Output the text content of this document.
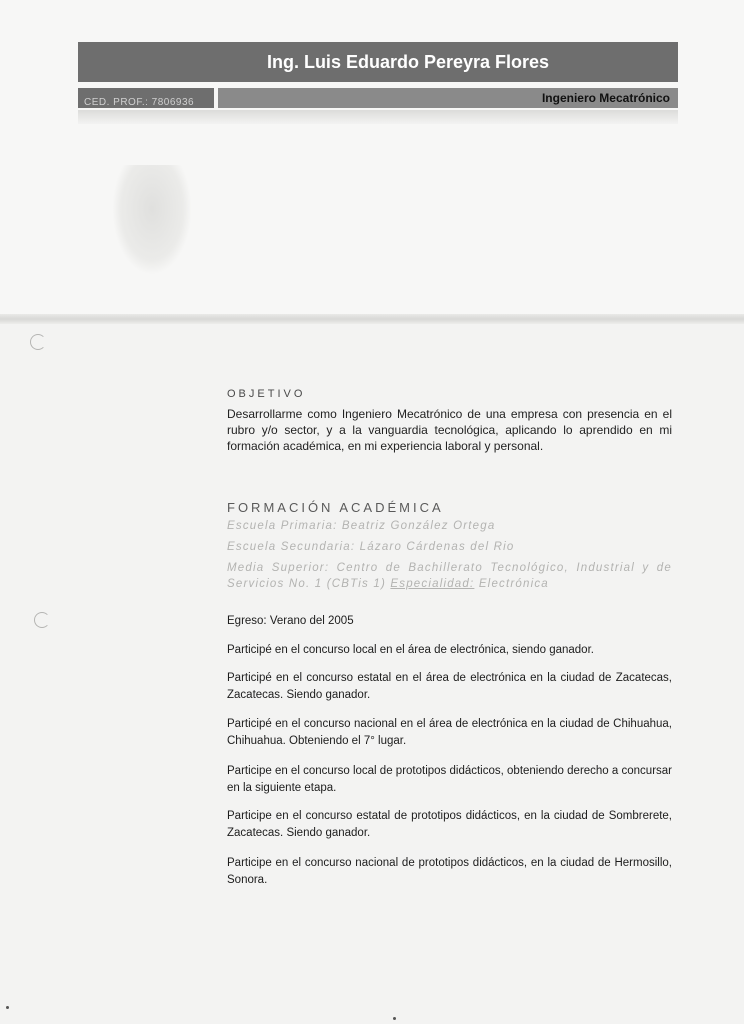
Ing. Luis Eduardo Pereyra Flores
CED. PROF.: 7806936	Ingeniero Mecatrónico
OBJETIVO
Desarrollarme como Ingeniero Mecatrónico de una empresa con presencia en el rubro y/o sector, y a la vanguardia tecnológica, aplicando lo aprendido en mi formación académica, en mi experiencia laboral y personal.
FORMACIÓN ACADÉMICA
Escuela Primaria: Beatriz González Ortega
Escuela Secundaria: Lázaro Cárdenas del Rio
Media Superior: Centro de Bachillerato Tecnológico, Industrial y de Servicios No. 1 (CBTis 1) Especialidad: Electrónica
Egreso: Verano del 2005
Participé en el concurso local en el área de electrónica, siendo ganador.
Participé en el concurso estatal en el área de electrónica en la ciudad de Zacatecas, Zacatecas. Siendo ganador.
Participé en el concurso nacional en el área de electrónica en la ciudad de Chihuahua, Chihuahua. Obteniendo el 7° lugar.
Participe en el concurso local de prototipos didácticos, obteniendo derecho a concursar en la siguiente etapa.
Participe en el concurso estatal de prototipos didácticos, en la ciudad de Sombrerete, Zacatecas. Siendo ganador.
Participe en el concurso nacional de prototipos didácticos, en la ciudad de Hermosillo, Sonora.
